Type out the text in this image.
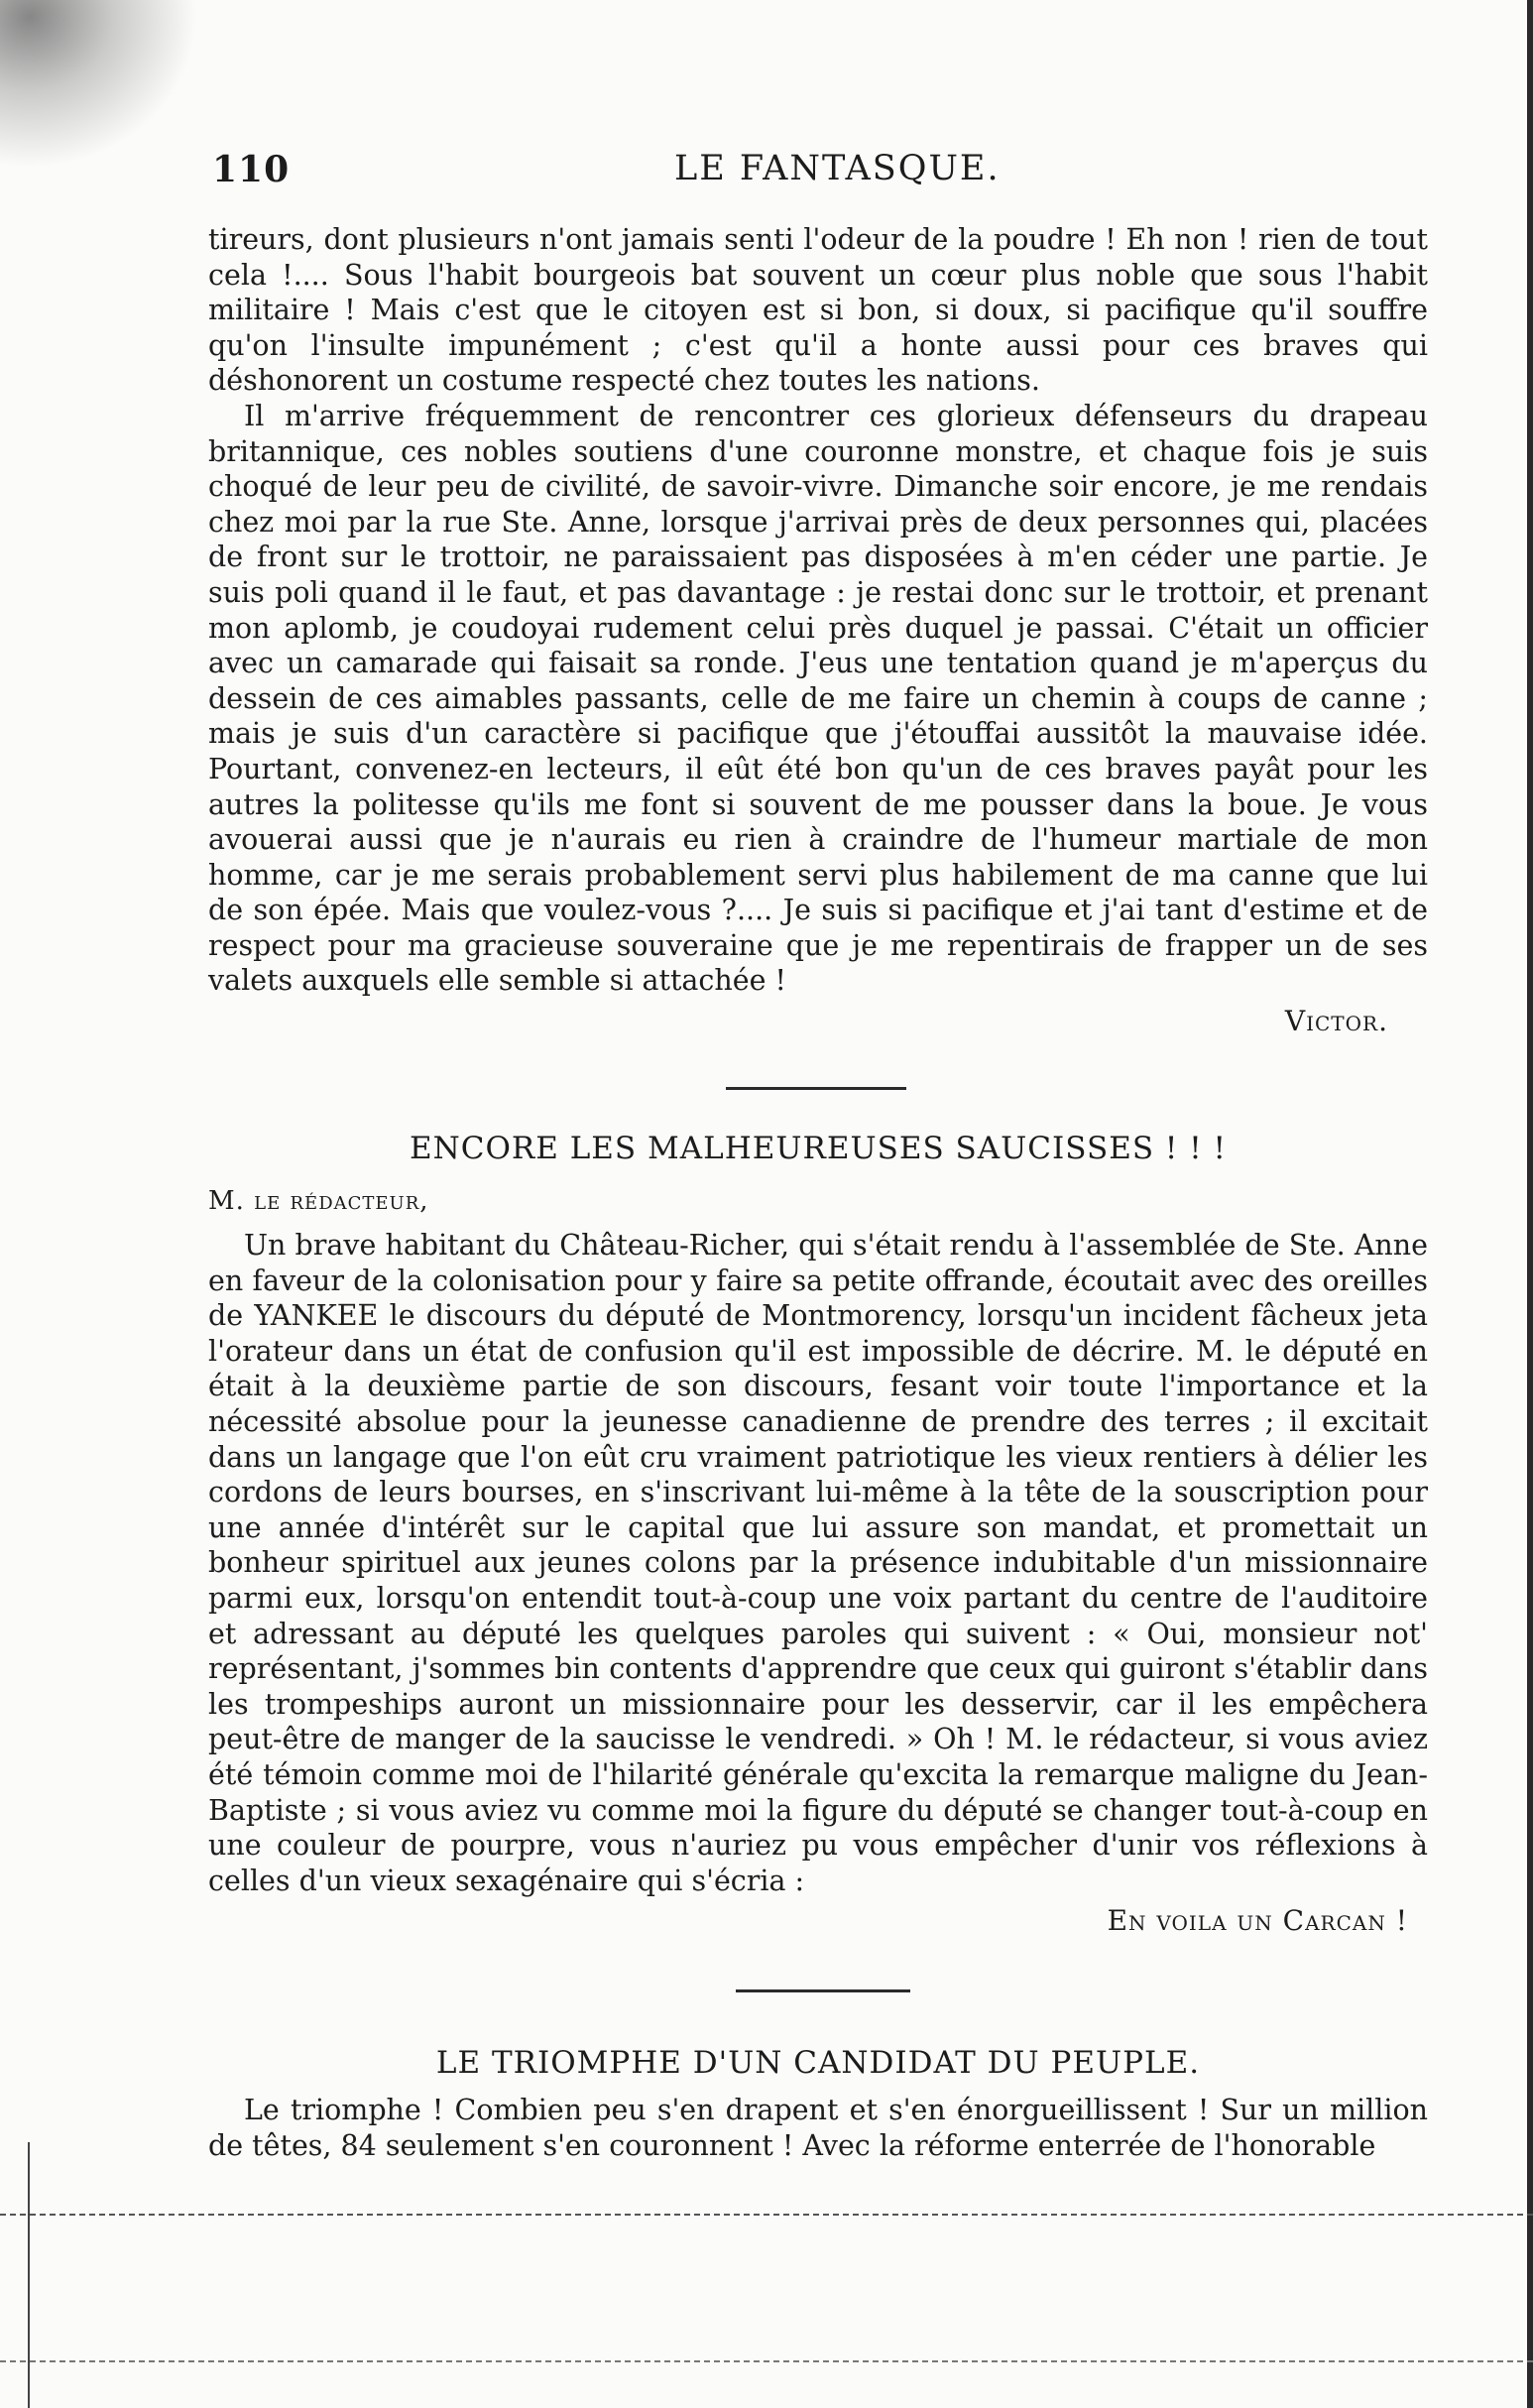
110	LE FANTASQUE.

tireurs, dont plusieurs n'ont jamais senti l'odeur de la poudre ! Eh non ! rien de tout cela !.... Sous l'habit bourgeois bat souvent un cœur plus noble que sous l'habit militaire ! Mais c'est que le citoyen est si bon, si doux, si pacifique qu'il souffre qu'on l'insulte impunément ; c'est qu'il a honte aussi pour ces braves qui déshonorent un costume respecté chez toutes les nations.

Il m'arrive fréquemment de rencontrer ces glorieux défenseurs du drapeau britannique, ces nobles soutiens d'une couronne monstre, et chaque fois je suis choqué de leur peu de civilité, de savoir-vivre. Dimanche soir encore, je me rendais chez moi par la rue Ste. Anne, lorsque j'arrivai près de deux personnes qui, placées de front sur le trottoir, ne paraissaient pas disposées à m'en céder une partie. Je suis poli quand il le faut, et pas davantage : je restai donc sur le trottoir, et prenant mon aplomb, je coudoyai rudement celui près duquel je passai. C'était un officier avec un camarade qui faisait sa ronde. J'eus une tentation quand je m'aperçus du dessein de ces aimables passants, celle de me faire un chemin à coups de canne ; mais je suis d'un caractère si pacifique que j'étouffai aussitôt la mauvaise idée. Pourtant, convenez-en lecteurs, il eût été bon qu'un de ces braves payât pour les autres la politesse qu'ils me font si souvent de me pousser dans la boue. Je vous avouerai aussi que je n'aurais eu rien à craindre de l'humeur martiale de mon homme, car je me serais probablement servi plus habilement de ma canne que lui de son épée. Mais que voulez-vous ?.... Je suis si pacifique et j'ai tant d'estime et de respect pour ma gracieuse souveraine que je me repentirais de frapper un de ses valets auxquels elle semble si attachée !

Victor.
ENCORE LES MALHEUREUSES SAUCISSES ! ! !
M. le rédacteur,

Un brave habitant du Château-Richer, qui s'était rendu à l'assemblée de Ste. Anne en faveur de la colonisation pour y faire sa petite offrande, écoutait avec des oreilles de YANKEE le discours du député de Montmorency, lorsqu'un incident fâcheux jeta l'orateur dans un état de confusion qu'il est impossible de décrire. M. le député en était à la deuxième partie de son discours, fesant voir toute l'importance et la nécessité absolue pour la jeunesse canadienne de prendre des terres ; il excitait dans un langage que l'on eût cru vraiment patriotique les vieux rentiers à délier les cordons de leurs bourses, en s'inscrivant lui-même à la tête de la souscription pour une année d'intérêt sur le capital que lui assure son mandat, et promettait un bonheur spirituel aux jeunes colons par la présence indubitable d'un missionnaire parmi eux, lorsqu'on entendit tout-à-coup une voix partant du centre de l'auditoire et adressant au député les quelques paroles qui suivent : « Oui, monsieur not' représentant, j'sommes bin contents d'apprendre que ceux qui guiront s'établir dans les trompeships auront un missionnaire pour les desservir, car il les empêchera peut-être de manger de la saucisse le vendredi. » Oh ! M. le rédacteur, si vous aviez été témoin comme moi de l'hilarité générale qu'excita la remarque maligne du Jean-Baptiste ; si vous aviez vu comme moi la figure du député se changer tout-à-coup en une couleur de pourpre, vous n'auriez pu vous empêcher d'unir vos réflexions à celles d'un vieux sexagénaire qui s'écria :

En voila un Carcan !
LE TRIOMPHE D'UN CANDIDAT DU PEUPLE.

Le triomphe ! Combien peu s'en drapent et s'en énorgueillissent ! Sur un million de têtes, 84 seulement s'en couronnent ! Avec la réforme enterrée de l'honorable
